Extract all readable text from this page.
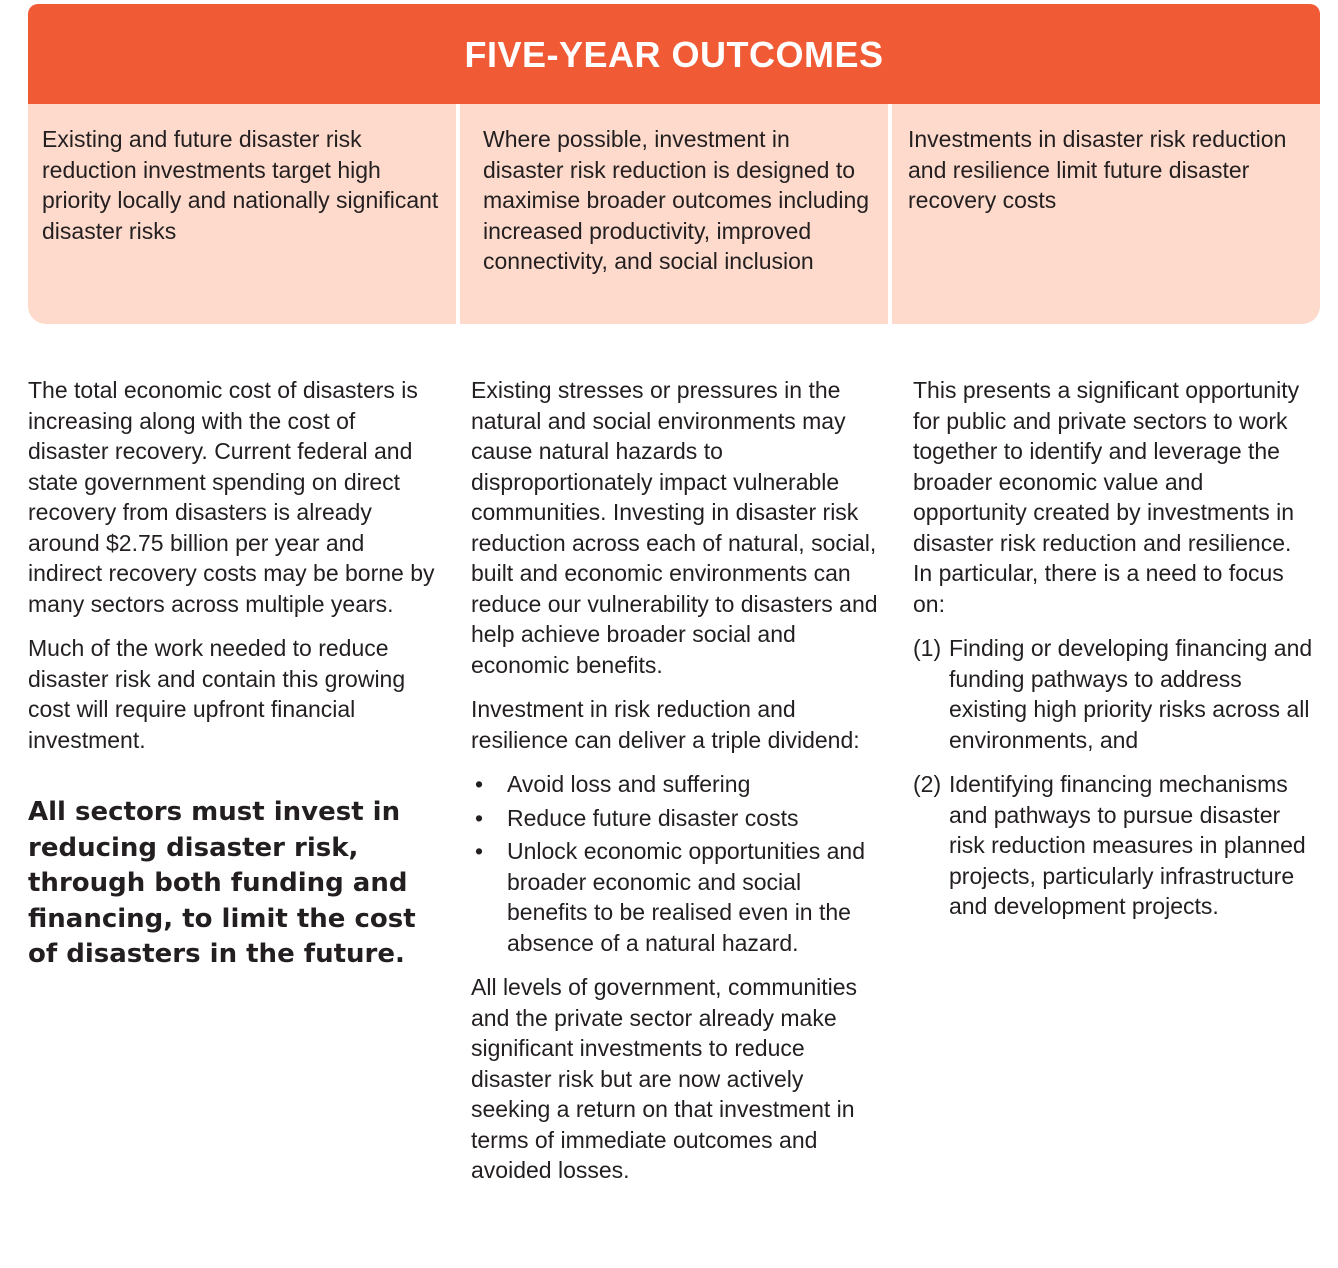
FIVE-YEAR OUTCOMES
Existing and future disaster risk reduction investments target high priority locally and nationally significant disaster risks
Where possible, investment in disaster risk reduction is designed to maximise broader outcomes including increased productivity, improved connectivity, and social inclusion
Investments in disaster risk reduction and resilience limit future disaster recovery costs

The total economic cost of disasters is increasing along with the cost of disaster recovery. Current federal and state government spending on direct recovery from disasters is already around $2.75 billion per year and indirect recovery costs may be borne by many sectors across multiple years.

Much of the work needed to reduce disaster risk and contain this growing cost will require upfront financial investment.

All sectors must invest in reducing disaster risk, through both funding and financing, to limit the cost of disasters in the future.

Existing stresses or pressures in the natural and social environments may cause natural hazards to disproportionately impact vulnerable communities. Investing in disaster risk reduction across each of natural, social, built and economic environments can reduce our vulnerability to disasters and help achieve broader social and economic benefits.

Investment in risk reduction and resilience can deliver a triple dividend:

• Avoid loss and suffering
• Reduce future disaster costs
• Unlock economic opportunities and broader economic and social benefits to be realised even in the absence of a natural hazard.

All levels of government, communities and the private sector already make significant investments to reduce disaster risk but are now actively seeking a return on that investment in terms of immediate outcomes and avoided losses.

This presents a significant opportunity for public and private sectors to work together to identify and leverage the broader economic value and opportunity created by investments in disaster risk reduction and resilience. In particular, there is a need to focus on:

(1) Finding or developing financing and funding pathways to address existing high priority risks across all environments, and
(2) Identifying financing mechanisms and pathways to pursue disaster risk reduction measures in planned projects, particularly infrastructure and development projects.
